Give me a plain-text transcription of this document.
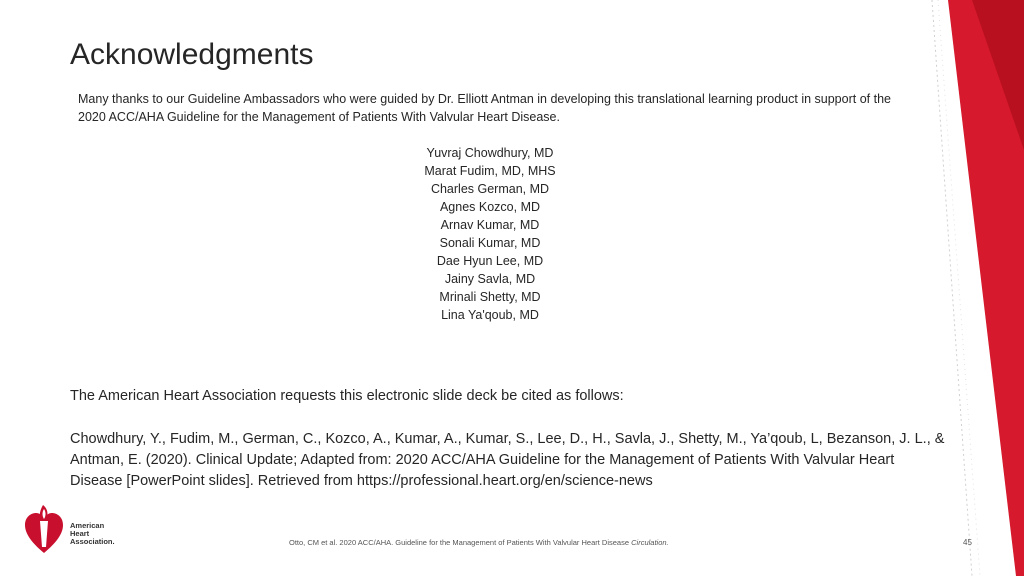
Acknowledgments
Many thanks to our Guideline Ambassadors who were guided by Dr. Elliott Antman in developing this translational learning product in support of the 2020 ACC/AHA Guideline for the Management of Patients With Valvular Heart Disease.
Yuvraj Chowdhury, MD
Marat Fudim, MD, MHS
Charles German, MD
Agnes Kozco, MD
Arnav Kumar, MD
Sonali Kumar, MD
Dae Hyun Lee, MD
Jainy Savla, MD
Mrinali Shetty, MD
Lina Ya'qoub, MD
The American Heart Association requests this electronic slide deck be cited as follows:
Chowdhury, Y., Fudim, M., German, C., Kozco, A., Kumar, A., Kumar, S., Lee, D., H., Savla, J., Shetty, M., Ya’qoub, L, Bezanson, J. L., & Antman, E. (2020). Clinical Update; Adapted from: 2020 ACC/AHA Guideline for the Management of Patients With Valvular Heart Disease [PowerPoint slides]. Retrieved from https://professional.heart.org/en/science-news
American
Heart
Association.	Otto, CM et al. 2020 ACC/AHA. Guideline for the Management of Patients With Valvular Heart Disease Circulation.	45
